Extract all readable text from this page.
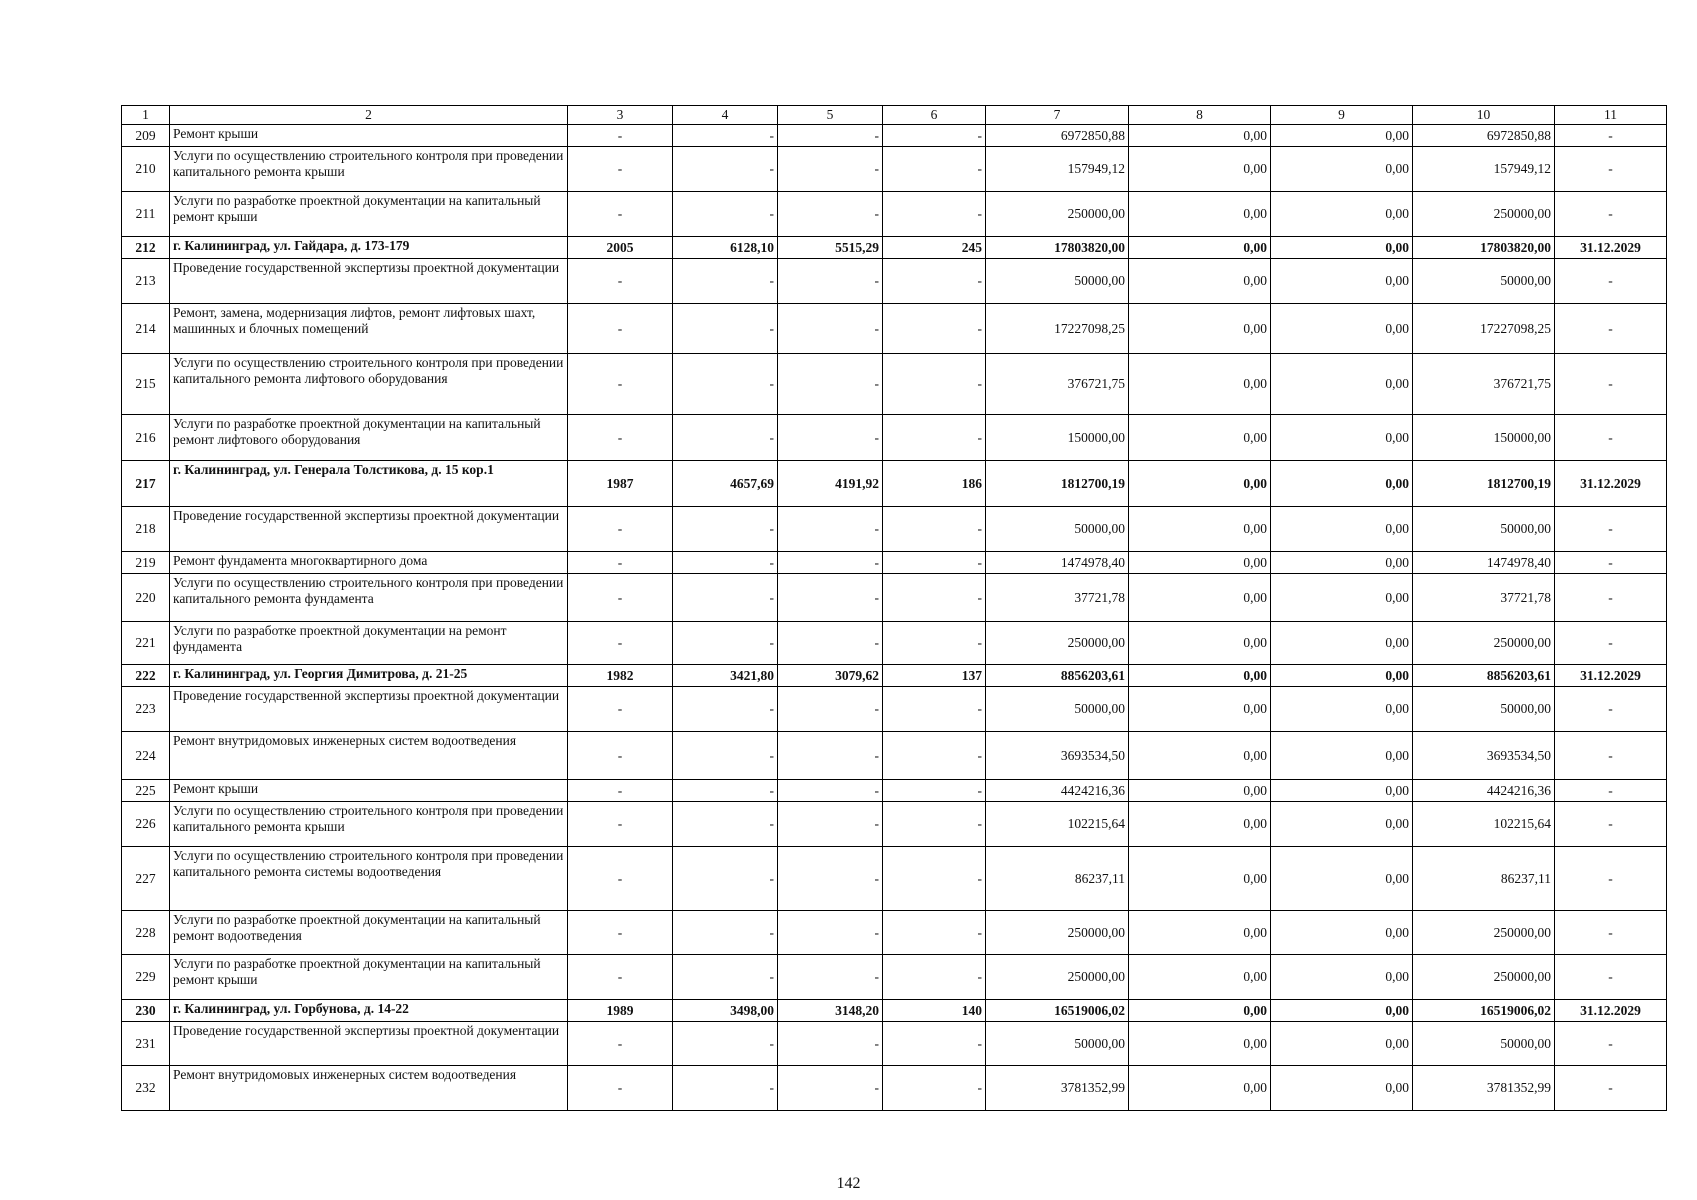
1	2	3	4	5	6	7	8	9	10	11
209	Ремонт крыши	-	-	-	-	6972850,88	0,00	0,00	6972850,88	-
210	Услуги по осуществлению строительного контроля при проведении капитального ремонта крыши	-	-	-	-	157949,12	0,00	0,00	157949,12	-
211	Услуги по разработке проектной документации на капитальный ремонт крыши	-	-	-	-	250000,00	0,00	0,00	250000,00	-
212	г. Калининград, ул. Гайдара, д. 173-179	2005	6128,10	5515,29	245	17803820,00	0,00	0,00	17803820,00	31.12.2029
213	Проведение государственной экспертизы проектной документации	-	-	-	-	50000,00	0,00	0,00	50000,00	-
214	Ремонт, замена, модернизация лифтов, ремонт лифтовых шахт, машинных и блочных помещений	-	-	-	-	17227098,25	0,00	0,00	17227098,25	-
215	Услуги по осуществлению строительного контроля при проведении капитального ремонта лифтового оборудования	-	-	-	-	376721,75	0,00	0,00	376721,75	-
216	Услуги по разработке проектной документации на капитальный ремонт лифтового оборудования	-	-	-	-	150000,00	0,00	0,00	150000,00	-
217	г. Калининград, ул. Генерала Толстикова, д. 15 кор.1	1987	4657,69	4191,92	186	1812700,19	0,00	0,00	1812700,19	31.12.2029
218	Проведение государственной экспертизы проектной документации	-	-	-	-	50000,00	0,00	0,00	50000,00	-
219	Ремонт фундамента многоквартирного дома	-	-	-	-	1474978,40	0,00	0,00	1474978,40	-
220	Услуги по осуществлению строительного контроля при проведении капитального ремонта фундамента	-	-	-	-	37721,78	0,00	0,00	37721,78	-
221	Услуги по разработке проектной документации на ремонт фундамента	-	-	-	-	250000,00	0,00	0,00	250000,00	-
222	г. Калининград, ул. Георгия Димитрова, д. 21-25	1982	3421,80	3079,62	137	8856203,61	0,00	0,00	8856203,61	31.12.2029
223	Проведение государственной экспертизы проектной документации	-	-	-	-	50000,00	0,00	0,00	50000,00	-
224	Ремонт внутридомовых инженерных систем водоотведения	-	-	-	-	3693534,50	0,00	0,00	3693534,50	-
225	Ремонт крыши	-	-	-	-	4424216,36	0,00	0,00	4424216,36	-
226	Услуги по осуществлению строительного контроля при проведении капитального ремонта крыши	-	-	-	-	102215,64	0,00	0,00	102215,64	-
227	Услуги по осуществлению строительного контроля при проведении капитального ремонта системы водоотведения	-	-	-	-	86237,11	0,00	0,00	86237,11	-
228	Услуги по разработке проектной документации на капитальный ремонт водоотведения	-	-	-	-	250000,00	0,00	0,00	250000,00	-
229	Услуги по разработке проектной документации на капитальный ремонт крыши	-	-	-	-	250000,00	0,00	0,00	250000,00	-
230	г. Калининград, ул. Горбунова, д. 14-22	1989	3498,00	3148,20	140	16519006,02	0,00	0,00	16519006,02	31.12.2029
231	Проведение государственной экспертизы проектной документации	-	-	-	-	50000,00	0,00	0,00	50000,00	-
232	Ремонт внутридомовых инженерных систем водоотведения	-	-	-	-	3781352,99	0,00	0,00	3781352,99	-
142
